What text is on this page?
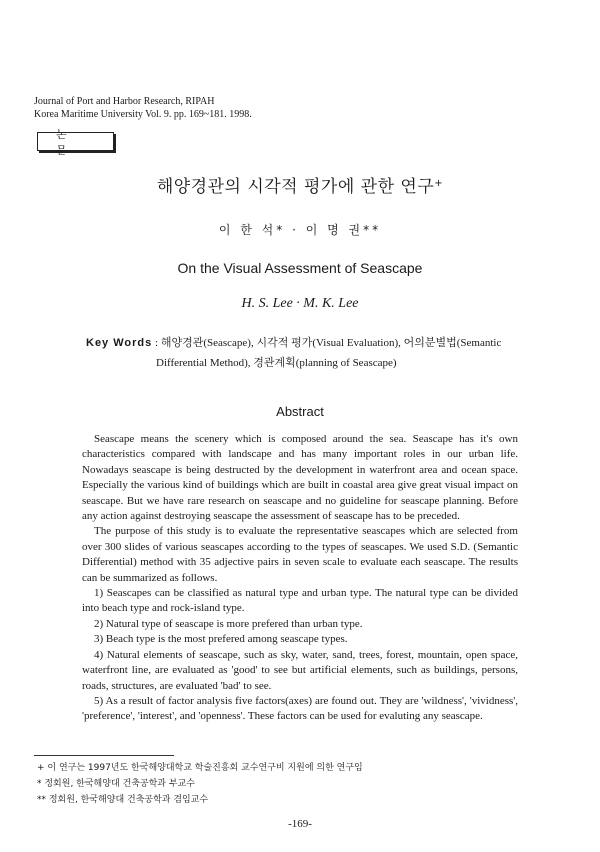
Journal of Port and Harbor Research, RIPAH
Korea Maritime University Vol. 9. pp. 169~181. 1998.
논 문
해양경관의 시각적 평가에 관한 연구+
이 한 석* · 이 명 권**
On the Visual Assessment of Seascape
H. S. Lee · M. K. Lee
Key Words : 해양경관(Seascape), 시각적 평가(Visual Evaluation), 어의분별법(Semantic
Differential Method), 경관계획(planning of Seascape)
Abstract

Seascape means the scenery which is composed around the sea. Seascape has it's own characteristics compared with landscape and has many important roles in our urban life. Nowadays seascape is being destructed by the development in waterfront area and ocean space. Especially the various kind of buildings which are built in coastal area give great visual impact on seascape. But we have rare research on seascape and no guideline for seascape planning. Before any action against destroying seascape the assessment of seascape has to be preceded.

The purpose of this study is to evaluate the representative seascapes which are selected from over 300 slides of various seascapes according to the types of seascapes. We used S.D. (Semantic Differential) method with 35 adjective pairs in seven scale to evaluate each seascape. The results can be summarized as follows.

1) Seascapes can be classified as natural type and urban type. The natural type can be divided into beach type and rock-island type.

2) Natural type of seascape is more prefered than urban type.

3) Beach type is the most prefered among seascape types.

4) Natural elements of seascape, such as sky, water, sand, trees, forest, mountain, open space, waterfront line, are evaluated as 'good' to see but artificial elements, such as buildings, persons, roads, structures, are evaluated 'bad' to see.

5) As a result of factor analysis five factors(axes) are found out. They are 'wildness', 'vividness', 'preference', 'interest', and 'openness'. These factors can be used for evaluting any seascape.

+ 이 연구는 1997년도 한국해양대학교 학술진흥회 교수연구비 지원에 의한 연구임
* 정회원, 한국해양대 건축공학과 부교수
** 정회원, 한국해양대 건축공학과 겸임교수
-169-
